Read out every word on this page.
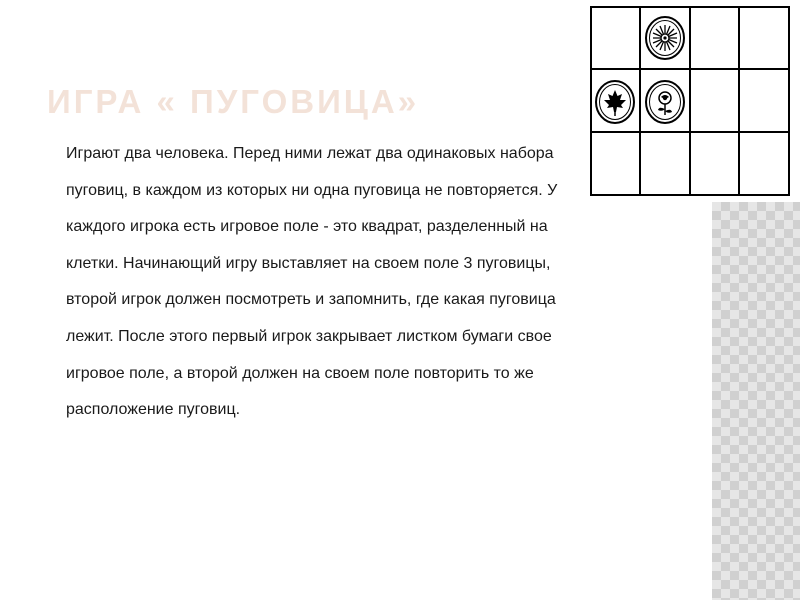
ИГРА « ПУГОВИЦА»

Играют два человека. Перед ними лежат два одинаковых набора пуговиц, в каждом из которых ни одна пуговица не повторяется. У каждого игрока есть игровое поле - это квадрат, разделенный на клетки. Начинающий игру выставляет на своем поле 3 пуговицы, второй игрок должен посмотреть и запомнить, где какая пуговица лежит. После этого первый игрок закрывает листком бумаги свое игровое поле, а второй должен на своем поле повторить то же расположение пуговиц.
